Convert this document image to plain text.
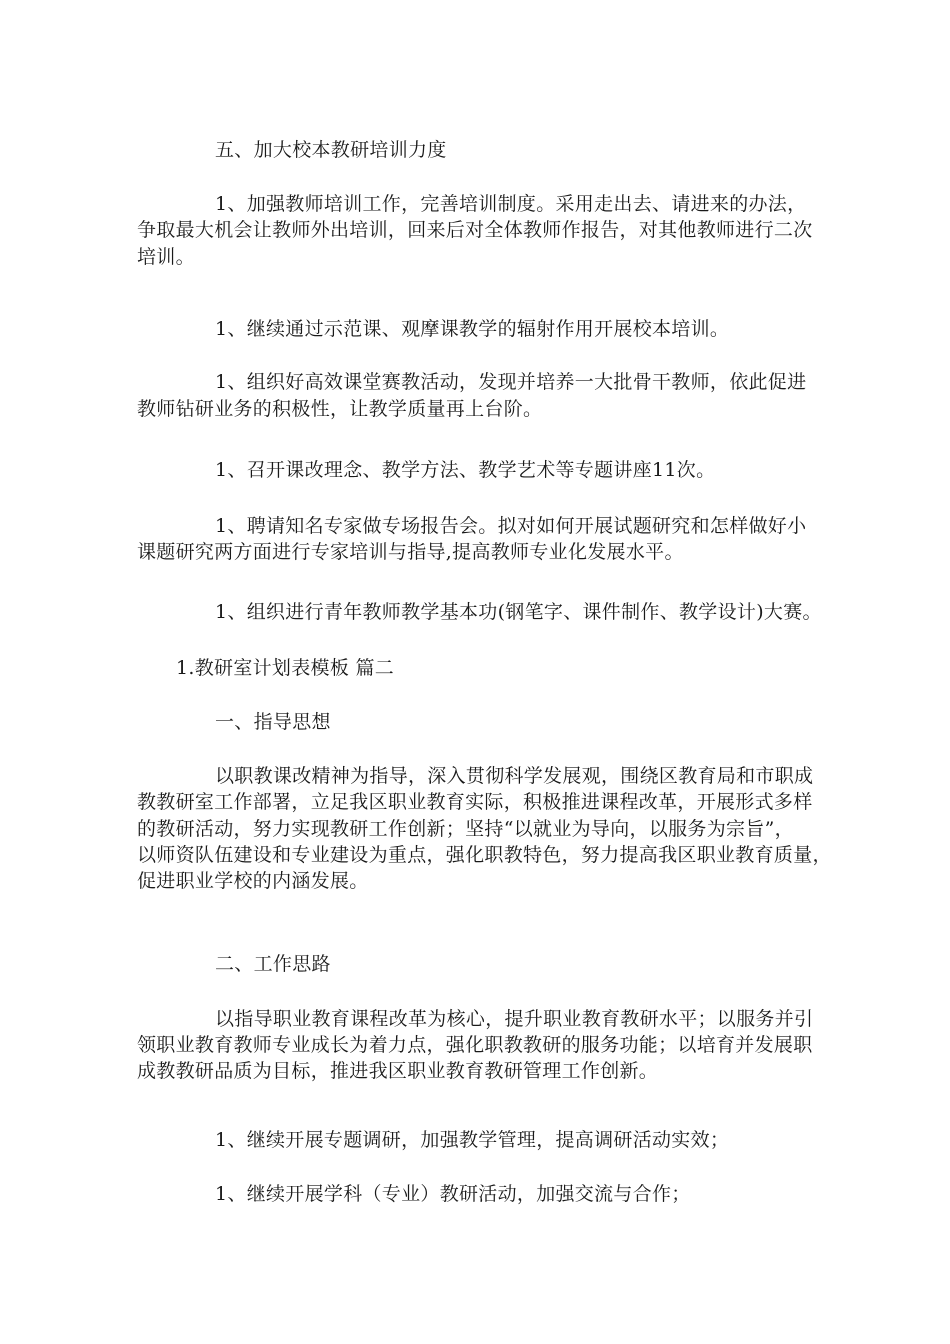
五、加大校本教研培训力度
1、加强教师培训工作，完善培训制度。采用走出去、请进来的办法，
争取最大机会让教师外出培训，回来后对全体教师作报告，对其他教师进行二次
培训。
1、继续通过示范课、观摩课教学的辐射作用开展校本培训。
1、组织好高效课堂赛教活动，发现并培养一大批骨干教师，依此促进
教师钻研业务的积极性，让教学质量再上台阶。
1、召开课改理念、教学方法、教学艺术等专题讲座11次。
1、聘请知名专家做专场报告会。拟对如何开展试题研究和怎样做好小
课题研究两方面进行专家培训与指导,提高教师专业化发展水平。
1、组织进行青年教师教学基本功(钢笔字、课件制作、教学设计)大赛。
1.教研室计划表模板 篇二
一、指导思想
以职教课改精神为指导，深入贯彻科学发展观，围绕区教育局和市职成
教教研室工作部署，立足我区职业教育实际，积极推进课程改革，开展形式多样
的教研活动，努力实现教研工作创新；坚持“以就业为导向，以服务为宗旨”，
以师资队伍建设和专业建设为重点，强化职教特色，努力提高我区职业教育质量，
促进职业学校的内涵发展。
二、工作思路
以指导职业教育课程改革为核心，提升职业教育教研水平；以服务并引
领职业教育教师专业成长为着力点，强化职教教研的服务功能；以培育并发展职
成教教研品质为目标，推进我区职业教育教研管理工作创新。
1、继续开展专题调研，加强教学管理，提高调研活动实效；
1、继续开展学科（专业）教研活动，加强交流与合作；
